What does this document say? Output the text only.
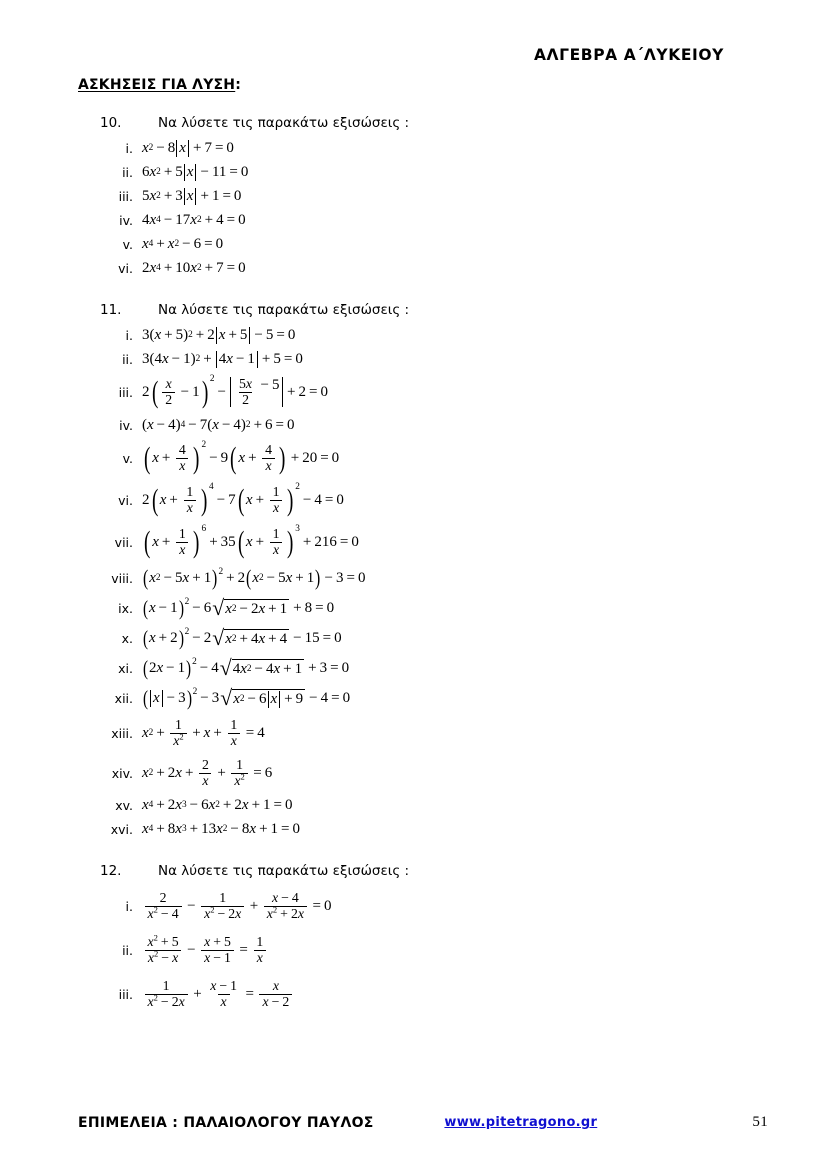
ΑΛΓΕΒΡΑ Α΄ΛΥΚΕΙΟΥ
ΑΣΚΗΣΕΙΣ ΓΙΑ ΛΥΣΗ:
10.	Να λύσετε τις παρακάτω εξισώσεις :
i. x 2 − 8 x + 7 = 0
ii. 6 x 2 + 5 x − 11 = 0
iii. 5 x 2 + 3 x + 1 = 0
iv. 4 x 4 − 17 x 2 + 4 = 0
v. x 4 + x 2 − 6 = 0
vi. 2 x 4 + 10 x 2 + 7 = 0
11.	Να λύσετε τις παρακάτω εξισώσεις :
i. 3( x + 5) 2 + 2 x + 5 − 5 = 0
ii. 3(4 x − 1) 2 + 4 x − 1 + 5 = 0
iii. 2 ( $\frac{x}{2} - 1$ ) 2
− $\frac{5x}{2} - 5 + 2 = 0$
iv. ( x − 4) 4 − 7( x − 4) 2 + 6 = 0
v. ( $x + \frac{4}{x}$ ) 2
− 9 ( $x + \frac{4}{x}$ ) + 20 = 0
vi. 2 ( $x + \frac{1}{x}$ ) 4
− 7 ( $x + \frac{1}{x}$ ) 2
− 4 = 0
vii. ( $x + \frac{1}{x}$ ) 6
+ 35 ( $x + \frac{1}{x}$ ) 3
+ 216 = 0
viii. ( x 2 − 5 x + 1 ) 2 + 2 ( x 2 − 5 x + 1 ) − 3 = 0
ix. ( x − 1 ) 2 − 6 √ x 2 − 2 x + 1 + 8 = 0
x. ( x + 2 ) 2 − 2 √ x 2 + 4 x + 4 − 15 = 0
xi. ( 2 x − 1 ) 2 − 4 √ 4 x 2 − 4 x + 1 + 3 = 0
xii. ( x − 3 ) 2 − 3 √ x 2 − 6 x + 9 − 4 = 0
xiii. x $2 + \frac{1}{x^2} + x + \frac{1}{x} = 4$
xiv. x 2 + 2 $x + \frac{2}{x} + \frac{1}{x^2} = 6$
xv. x 4 + 2 x 3 − 6 x 2 + 2 x + 1 = 0
xvi. x 4 + 8 x 3 + 13 x 2 − 8 x + 1 = 0
12.	Να λύσετε τις παρακάτω εξισώσεις :
i. $\frac{2}{x^2 - 4} - \frac{1}{x^2 - 2x} + \frac{x - 4}{x^2 + 2x} = 0$
ii. $\frac{x^2 + 5}{x^2 - x} - \frac{x + 5}{x - 1} = \frac{1}{x}$
iii. $\frac{1}{x^2 - 2x} + \frac{x - 1}{x} = \frac{x}{x - 2}$
ΕΠΙΜΕΛΕΙΑ : ΠΑΛΑΙΟΛΟΓΟΥ ΠΑΥΛΟΣ	www.pitetragono.gr	51
